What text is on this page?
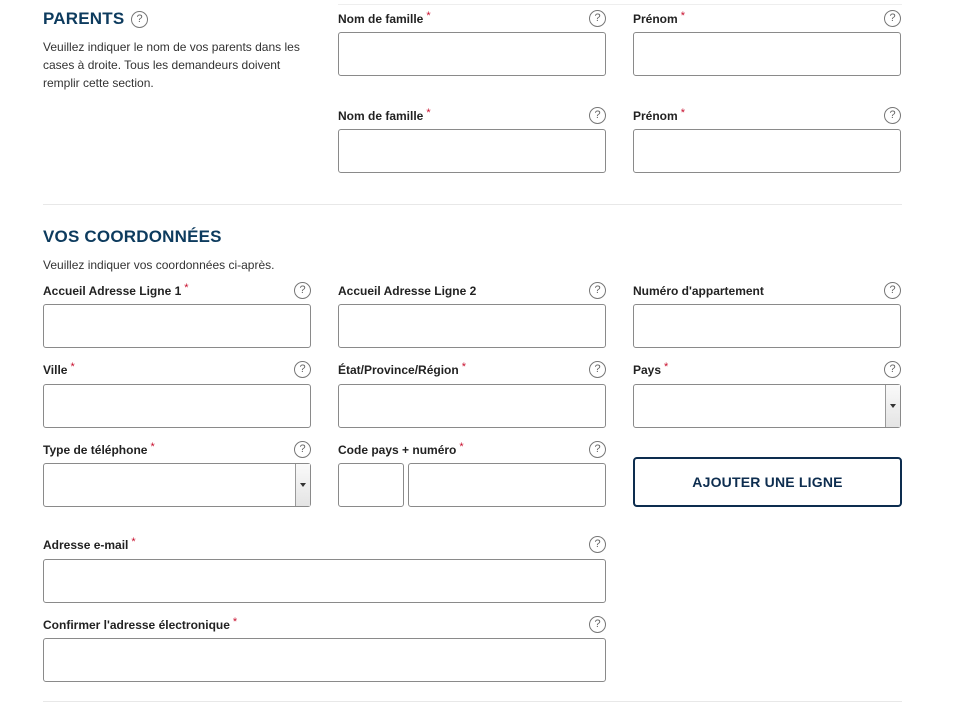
PARENTS	?

Veuillez indiquer le nom de vos parents dans les cases à droite. Tous les demandeurs doivent remplir cette section.

Nom de famille *	?	Prénom *	?
Nom de famille *	?	Prénom *	?
VOS COORDONNÉES

Veuillez indiquer vos coordonnées ci-après.

Accueil Adresse Ligne 1 *	?	Accueil Adresse Ligne 2	?	Numéro d'appartement	?
Ville *	?	État/Province/Région *	?	Pays *	?
Type de téléphone *	?	Code pays + numéro *	?
AJOUTER UNE LIGNE
Adresse e-mail *	?
Confirmer l'adresse électronique *	?
